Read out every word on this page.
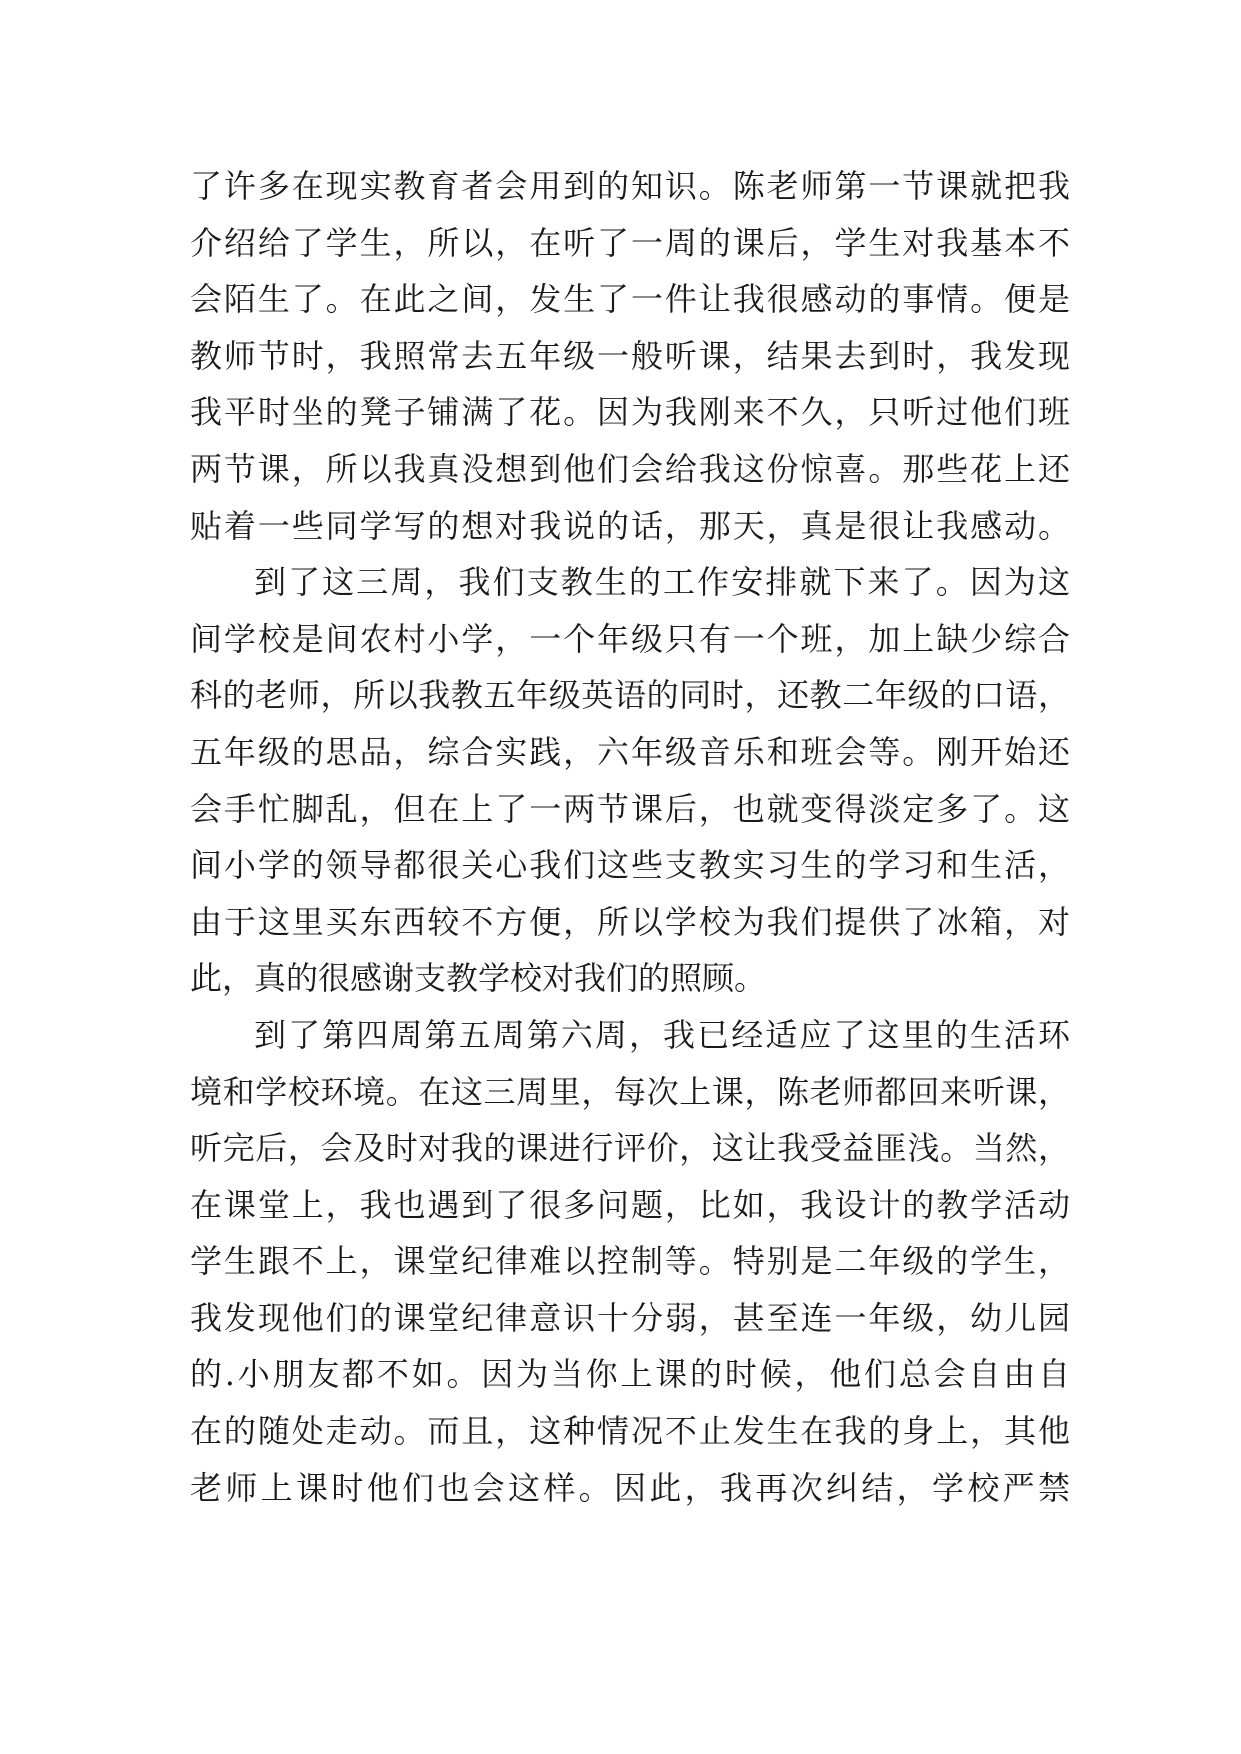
了许多在现实教育者会用到的知识。陈老师第一节课就把我
介绍给了学生，所以，在听了一周的课后，学生对我基本不
会陌生了。在此之间，发生了一件让我很感动的事情。便是
教师节时，我照常去五年级一般听课，结果去到时，我发现
我平时坐的凳子铺满了花。因为我刚来不久，只听过他们班
两节课，所以我真没想到他们会给我这份惊喜。那些花上还
贴着一些同学写的想对我说的话，那天，真是很让我感动。
到了这三周，我们支教生的工作安排就下来了。因为这
间学校是间农村小学，一个年级只有一个班，加上缺少综合
科的老师，所以我教五年级英语的同时，还教二年级的口语，
五年级的思品，综合实践，六年级音乐和班会等。刚开始还
会手忙脚乱，但在上了一两节课后，也就变得淡定多了。这
间小学的领导都很关心我们这些支教实习生的学习和生活，
由于这里买东西较不方便，所以学校为我们提供了冰箱，对
此，真的很感谢支教学校对我们的照顾。
到了第四周第五周第六周，我已经适应了这里的生活环
境和学校环境。在这三周里，每次上课，陈老师都回来听课，
听完后，会及时对我的课进行评价，这让我受益匪浅。当然，
在课堂上，我也遇到了很多问题，比如，我设计的教学活动
学生跟不上，课堂纪律难以控制等。特别是二年级的学生，
我发现他们的课堂纪律意识十分弱，甚至连一年级，幼儿园
的.小朋友都不如。因为当你上课的时候，他们总会自由自
在的随处走动。而且，这种情况不止发生在我的身上，其他
老师上课时他们也会这样。因此，我再次纠结，学校严禁
